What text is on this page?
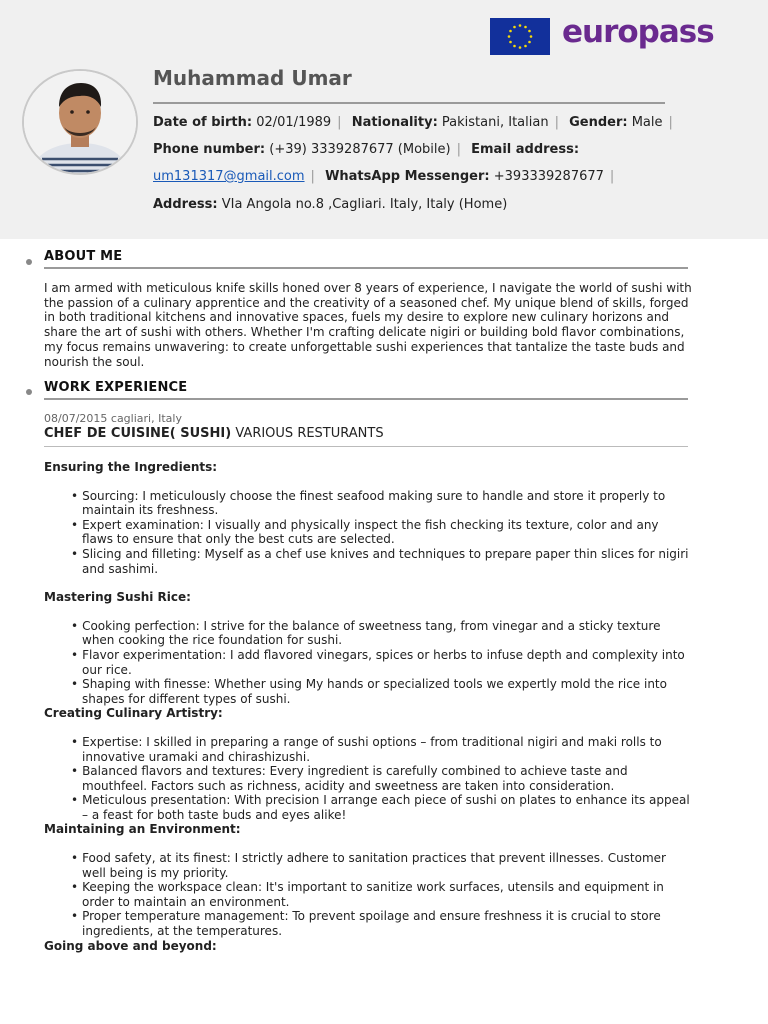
europass
Muhammad Umar
Date of birth: 02/01/1989 | Nationality: Pakistani, Italian | Gender: Male |
Phone number: (+39) 3339287677 (Mobile) | Email address:
um131317@gmail.com | WhatsApp Messenger: +393339287677 |
Address: VIa Angola no.8 ,Cagliari. Italy, Italy (Home)
ABOUT ME
I am armed with meticulous knife skills honed over 8 years of experience, I navigate the world of sushi with the passion of a culinary apprentice and the creativity of a seasoned chef. My unique blend of skills, forged in both traditional kitchens and innovative spaces, fuels my desire to explore new culinary horizons and share the art of sushi with others. Whether I'm crafting delicate nigiri or building bold flavor combinations, my focus remains unwavering: to create unforgettable sushi experiences that tantalize the taste buds and nourish the soul.
WORK EXPERIENCE
08/07/2015 cagliari, Italy
CHEF DE CUISINE( SUSHI) VARIOUS RESTURANTS

Ensuring the Ingredients:

• Sourcing: I meticulously choose the finest seafood making sure to handle and store it properly to maintain its freshness.
• Expert examination: I visually and physically inspect the fish checking its texture, color and any flaws to ensure that only the best cuts are selected.
• Slicing and filleting: Myself as a chef use knives and techniques to prepare paper thin slices for nigiri and sashimi.

Mastering Sushi Rice:

• Cooking perfection: I strive for the balance of sweetness tang, from vinegar and a sticky texture when cooking the rice foundation for sushi.
• Flavor experimentation: I add flavored vinegars, spices or herbs to infuse depth and complexity into our rice.
• Shaping with finesse: Whether using My hands or specialized tools we expertly mold the rice into shapes for different types of sushi.

Creating Culinary Artistry:

• Expertise: I skilled in preparing a range of sushi options – from traditional nigiri and maki rolls to innovative uramaki and chirashizushi.
• Balanced flavors and textures: Every ingredient is carefully combined to achieve taste and mouthfeel. Factors such as richness, acidity and sweetness are taken into consideration.
• Meticulous presentation: With precision I arrange each piece of sushi on plates to enhance its appeal – a feast for both taste buds and eyes alike!

Maintaining an Environment:

• Food safety, at its finest: I strictly adhere to sanitation practices that prevent illnesses. Customer well being is my priority.
• Keeping the workspace clean: It's important to sanitize work surfaces, utensils and equipment in order to maintain an environment.
• Proper temperature management: To prevent spoilage and ensure freshness it is crucial to store ingredients, at the temperatures.

Going above and beyond:
